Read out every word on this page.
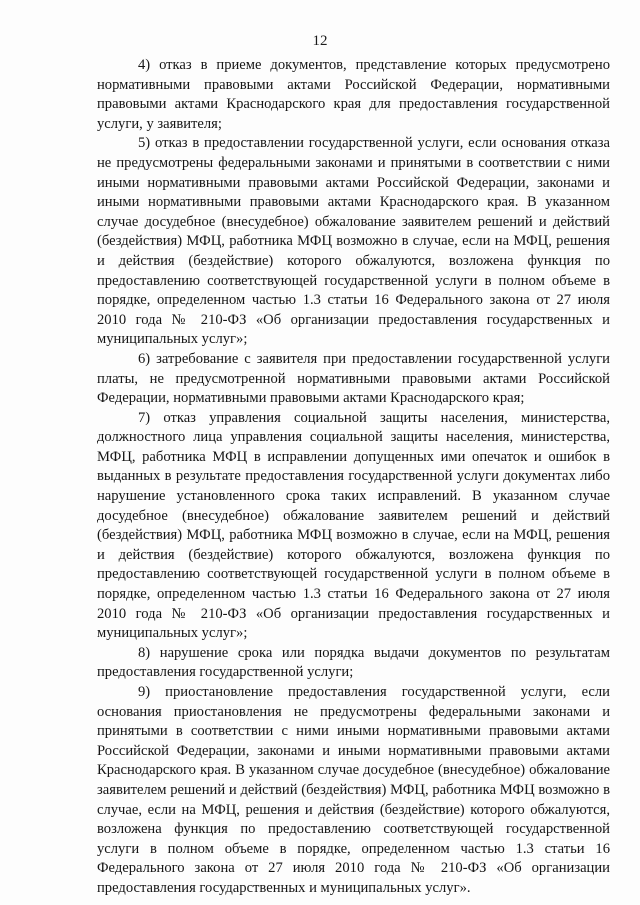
12

4) отказ в приеме документов, представление которых предусмотрено нормативными правовыми актами Российской Федерации, нормативными правовыми актами Краснодарского края для предоставления государственной услуги, у заявителя;

5) отказ в предоставлении государственной услуги, если основания отказа не предусмотрены федеральными законами и принятыми в соответствии с ними иными нормативными правовыми актами Российской Федерации, законами и иными нормативными правовыми актами Краснодарского края. В указанном случае досудебное (внесудебное) обжалование заявителем решений и действий (бездействия) МФЦ, работника МФЦ возможно в случае, если на МФЦ, решения и действия (бездействие) которого обжалуются, возложена функция по предоставлению соответствующей государственной услуги в полном объеме в порядке, определенном частью 1.3 статьи 16 Федерального закона от 27 июля 2010 года № 210-ФЗ «Об организации предоставления государственных и муниципальных услуг»;

6) затребование с заявителя при предоставлении государственной услуги платы, не предусмотренной нормативными правовыми актами Российской Федерации, нормативными правовыми актами Краснодарского края;

7) отказ управления социальной защиты населения, министерства, должностного лица управления социальной защиты населения, министерства, МФЦ, работника МФЦ в исправлении допущенных ими опечаток и ошибок в выданных в результате предоставления государственной услуги документах либо нарушение установленного срока таких исправлений. В указанном случае досудебное (внесудебное) обжалование заявителем решений и действий (бездействия) МФЦ, работника МФЦ возможно в случае, если на МФЦ, решения и действия (бездействие) которого обжалуются, возложена функция по предоставлению соответствующей государственной услуги в полном объеме в порядке, определенном частью 1.3 статьи 16 Федерального закона от 27 июля 2010 года № 210-ФЗ «Об организации предоставления государственных и муниципальных услуг»;

8) нарушение срока или порядка выдачи документов по результатам предоставления государственной услуги;

9) приостановление предоставления государственной услуги, если основания приостановления не предусмотрены федеральными законами и принятыми в соответствии с ними иными нормативными правовыми актами Российской Федерации, законами и иными нормативными правовыми актами Краснодарского края. В указанном случае досудебное (внесудебное) обжалование заявителем решений и действий (бездействия) МФЦ, работника МФЦ возможно в случае, если на МФЦ, решения и действия (бездействие) которого обжалуются, возложена функция по предоставлению соответствующей государственной услуги в полном объеме в порядке, определенном частью 1.3 статьи 16 Федерального закона от 27 июля 2010 года № 210-ФЗ «Об организации предоставления государственных и муниципальных услуг».
